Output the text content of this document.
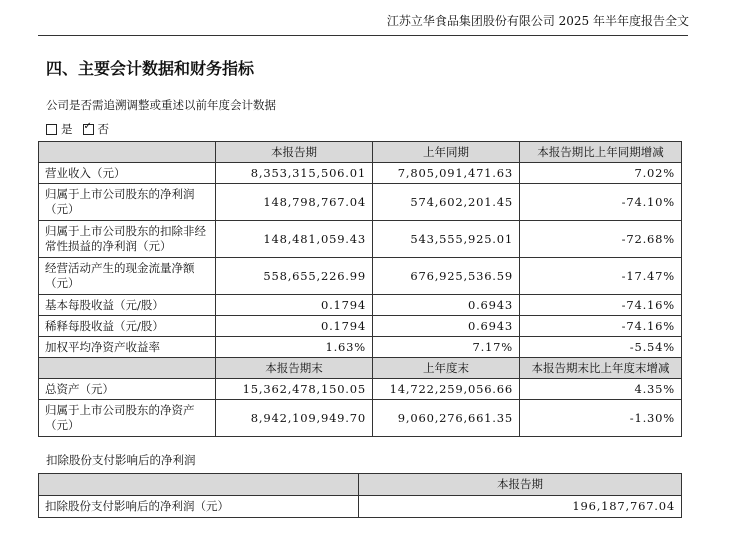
江苏立华食品集团股份有限公司 2025 年半年度报告全文
四、主要会计数据和财务指标
公司是否需追溯调整或重述以前年度会计数据
是 ✓ 否
	本报告期	上年同期	本报告期比上年同期增减
营业收入（元）	8,353,315,506.01	7,805,091,471.63	7.02%
归属于上市公司股东的净利润（元）	148,798,767.04	574,602,201.45	-74.10%
归属于上市公司股东的扣除非经常性损益的净利润（元）	148,481,059.43	543,555,925.01	-72.68%
经营活动产生的现金流量净额（元）	558,655,226.99	676,925,536.59	-17.47%
基本每股收益（元/股）	0.1794	0.6943	-74.16%
稀释每股收益（元/股）	0.1794	0.6943	-74.16%
加权平均净资产收益率	1.63%	7.17%	-5.54%
	本报告期末	上年度末	本报告期末比上年度末增减
总资产（元）	15,362,478,150.05	14,722,259,056.66	4.35%
归属于上市公司股东的净资产（元）	8,942,109,949.70	9,060,276,661.35	-1.30%
扣除股份支付影响后的净利润
	本报告期
扣除股份支付影响后的净利润（元）	196,187,767.04
